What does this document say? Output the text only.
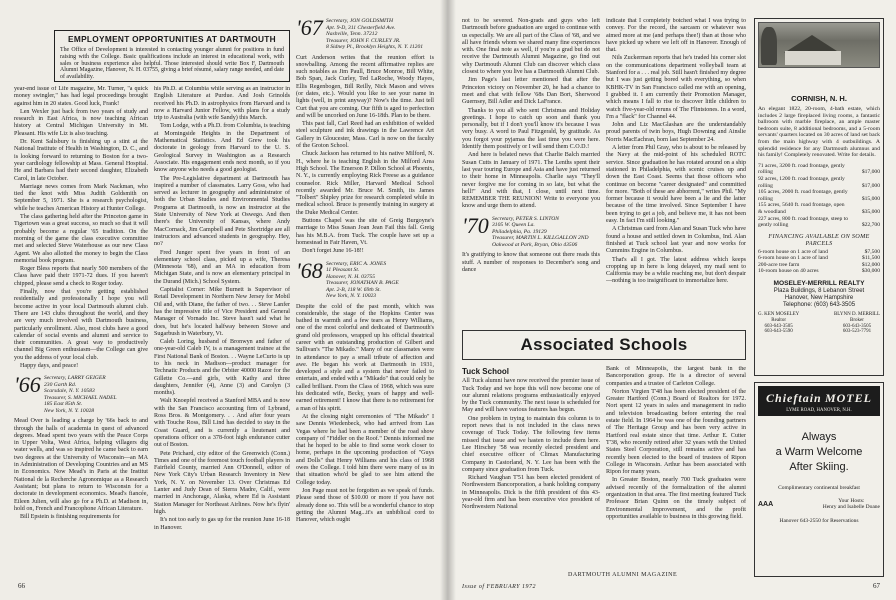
EMPLOYMENT OPPORTUNITIES AT DARTMOUTH
The Office of Development is interested in contacting younger alumni for positions in fund raising with the College. Basic qualifications include an interest in educational work, with sales or business experience also helpful. Those interested should write Box F, Dartmouth Alumni Magazine, Hanover, N. H. 03755, giving a brief résumé, salary range needed, and date of availability.

year-end issue of Life magazine, Mr. Turner, "a quick money swingler," has had legal proceedings brought against him in 20 states. Good luck, Frank!

Len Wexler just back from two years of study and research in East Africa, is now teaching African history at Central Michigan University in Mt. Pleasant. His wife Liz is also teaching.

Dr. Kent Salisbury is finishing up a stint at the National Institute of Health in Washington, D. C., and is looking forward to returning to Boston for a two-year cardiology fellowship at Mass. General Hospital. He and Barbara had their second daughter, Elizabeth Carol, in late October.

Marriage news comes from Mark Nackman, who tied the knot with Miss Judith Goldsmith on September 5, 1971. She is a research psychologist, while he teaches American History at Hunter College.

The class gathering held after the Princeton game in Tigertown was a great success, so much so that it will probably become a regular '65 tradition. On the morning of the game the class executive committee met and selected Steve Waterhouse as our new Class Agent. We also allotted the money to begin the Class memorial book program.

Roger Bless reports that nearly 500 members of the Class have paid their 1971-72 dues. If you haven't chipped, please send a check to Roger today.

Finally, now that you're getting established residentially and professionally I hope you will become active in your local Dartmouth alumni club. There are 143 clubs throughout the world, and they are very much involved with Dartmouth business, particularly enrollment. Also, most clubs have a good calendar of social events and alumni and service to their communities. A great way to productively channel Big Green enthusiasm—the College can give you the address of your local club.

Happy days, and peace!

'66 Secretary, LARRY GEIGER
230 Garth Rd.
Scarsdale, N. Y. 10583
Treasurer, S. MICHAEL NADEL
185 East 85th St.
New York, N. Y. 10028

Mead Over is leading a charge by '66s back to and through the halls of academia in quest of advanced degrees. Mead spent two years with the Peace Corps in Upper Volta, West Africa, helping villagers dig water wells, and was so inspired he came back to earn two degrees at the University of Wisconsin—an MA in Administration of Developing Countries and an MS in Economics. Now Mead's in Paris at the Institut National de la Recherche Agronomique as a Research Assistant; but plans to return to Wisconsin for a doctorate in development economics. Mead's fiancée, Eileen Julien, will also go for a Ph.D. at Madison in, hold on, French and Francophone African Literature.

Bill Epstein is finishing requirements for

his Ph.D. at Columbia while serving as an instructor in English Literature at Purdue. And Josh Grinolds received his Ph.D. in astrophysics from Harvard and is now a Harvard Junior Fellow, with plans for a study trip to Australia (with wife Sandy) this March.

Tom Lodge, with a Ph.D. from Columbia, is teaching at Morningside Heights in the Department of Mathematical Statistics. And Ed Grew took his doctorate in geology from Harvard to the U. S. Geological Survey in Washington as a Research Associate. His engagement ends next month, so if you know anyone who needs a good geologist.

The Pre-Legislative department at Dartmouth has inspired a number of classmates. Larry Goss, who had served as lecturer in geography and administrator of both the Urban Studies and Environmental Studies Programs at Dartmouth, is now an instructor at the State University of New York at Oswego. And then there's the University of Kansas, where Andy MacCornack, Jim Campbell and Pete Shortridge are all instructors and advanced students in geography. Hey, no?

Fred Junger spent five years in front of an elementary school class, picked up a wife, Theresa (Minnesota '68), and an MA in education from Michigan State, and is now an elementary principal in the Durand (Mich.) School System.

Capitalist Corner: Mike Burnett is Supervisor of Retail Development in Northern New Jersey for Mobil Oil and, with Diane, the father of two. . . Steve Lanfer has the impressive title of Vice President and General Manager of Vornado Inc. Steve hasn't said what he does, but he's located halfway between Stowe and Sugarbush in Waterbury, Vt.

Caleb Loring, husband of Bronwyn and father of one-year-old Caleb IV, is a management trainee at the First National Bank of Boston. . . Wayne LeCurto is up to his neck in Madison—product manager for Technatic Products and the Orbiter 40000 Razor for the Gillette Co.—and girls, with Kathy and three daughters, Jennifer (4), Anne (3) and Carolyn (3 months).

Walt Knoepfel received a Stanford MBA and is now with the San Francisco accounting firm of Lybrand, Ross Bros. & Montgomery. . . And after four years with Touche Ross, Bill Lind has decided to stay in the Coast Guard, and is currently a lieutenant and operations officer on a 378-foot high endurance cutter out of Boston.

Pete Prichard, city editor of the Greenwich (Conn.) Times and one of the foremost touch football players in Fairfield County, married Ann O'Donnell, editor of New York City's Urban Research Inventory in New York, N. Y. on November 13. Over Christmas Ed Lanter and Judy Dean of Sierra Madre, Calif., were married in Anchorage, Alaska, where Ed is Assistant Station Manager for Northeast Airlines. Now he's flyin' high.

It's not too early to gas up for the reunion June 16-18 in Hanover.

'67 Secretary, JON GOLDSMITH
Apt. 9-D, 311 Chesterfield Ave.
Nashville, Tenn. 37212
Treasurer, JOHN F. CURLEY JR.
8 Sidney Pl., Brooklyn Heights, N. Y. 11201

Curt Anderson writes that the reunion effort is snowballing. Among the recent affirmative replies are such notables as Jim Paull, Bruce Monroe, Bill White, Bob Span, Jack Curley, Ted LaRoche, Woody Hayes, Ellis Regenbogen, Bill Reilly, Nick Mason and wives (or dates, etc.). Would you like to see your name in lights (well, in print anyway)? Now's the time. Just tell Curt that you are coming. Our fifth is aged to perfection and will be uncorked on June 16-18th. Plan to be there.

This past fall, Carl Reed had an exhibition of welded steel sculpture and ink drawings in the Lawrence Art Gallery in Gloucester, Mass. Carl is now on the faculty of the Groton School.

Chuck Jackson has returned to his native Milford, N. H., where he is teaching English in the Milford Area High School. The Emerson P. Dillon School at Phoenix, N. Y., is currently employing Rick Freese as a guidance counselor. Rick Miller, Harvard Medical School recently awarded Mr. Bruce M. Smith, its James "Tolbert" Shipley prize for research completed while in medical school. Bruce is presently training in surgery at the Duke Medical Center.

Buttons Chapel was the site of Greig Burgoyne's marriage to Miss Susan Joan Jean Fail this fall. Greig has his M.B.A. from Tuck. The couple have set up a homestead in Fair Haven, Vt.

Don't forget June 16-18!!

'68 Secretary, ERIC A. JONES
11 Pleasant St.
Hanover, N. H. 03755
Treasurer, JONATHAN B. PAGE
Apt. 2-B, 118 W. 69th St.
New York, N. Y. 10023

Despite the cold of the past month, which was considerable, the stage of the Hopkins Center was bathed in warmth and a few tears as Henry Williams, one of the most colorful and dedicated of Dartmouth's grand old professors, wrapped up his official theatrical career with an outstanding production of Gilbert and Sullivan's "The Mikado." Many of our classmates were in attendance to pay a small tribute of affection and awe. He began his work at Dartmouth in 1931, developed a style and a system that never failed to entertain, and ended with a "Mikado" that could only be called brilliant. From the Class of 1968, which was sure his dedicated wife, Becky, years of happy and well-earned retirement! I know that there is no retirement for a man of his spirit.

At the closing night ceremonies of "The Mikado" I saw Dennis Wiedenbeck, who had arrived from Las Vegas where he had been a member of the road show company of "Fiddler on the Roof." Dennis informed me that he hoped to be able to find some work closer to home, perhaps in the upcoming production of "Guys and Dolls" that Henry Williams and his class of 1968 owes the College. I told him there were many of us in that situation who'd be glad to see him attend the College today.

Jon Page must not be forgotten as we speak of funds. Please send those of $10.00 or more if you have not already done so. This will be a wonderful chance to stop getting the Alumni Mag...it's an unbiblical cord to Hanover, which ought

66

not to be severed. Non-grads and guys who left Dartmouth before graduation are urged to continue with us especially. We are all part of the Class of '68, and we all have friends whom we shared many fine experiences with. One final note as well, if you're a grad but do not receive the Dartmouth Alumni Magazine, go find out why Dartmouth Alumni Club can discover which class closest to where you live has a Dartmouth Alumni Club.

Jim Page's last letter mentioned that after the Princeton victory on November 20, he had a chance to meet and chat with fellow '68s Dan Bort, Sherwood Guernsey, Bill Adler and Dick LaFrance.

Thanks to you all who sent Christmas and Holiday greetings. I hope to catch up soon and thank you personally, but if I don't you'll know it's because I was very busy. A word to Paul Fitzgerald, by gratitude. As you forgot your pyjamas the last time you were here. Identify them positively or I will send them C.O.D.!

And here is belated news that Charlie Balch married Susan Cutts in January of 1971. The Lenths spent their last year touring Europe and Asia and have just returned to their home in Minneapolis. Charlie says "They'll never forgive me for coming in so late, but what the hell!" And with that, I close, until next time. REMEMBER THE REUNION! Write to everyone you know and urge them to attend.

'70 Secretary, PETER S. LINTON
3105 W. Queen La.
Philadelphia, Pa. 19129
Treasurer, MARTIN L. KILLGALLON 2ND
Oakwood at Park, Bryan, Ohio 43506

It's gratifying to know that someone out there reads this stuff. A number of responses to December's song and dance

indicate that I completely botched what I was trying to convey. For the record, the sarcasm or whatever was aimed more at me (and perhaps thee!) than at those who have picked up where we left off in Hanover. Enough of that.

Nils Zuckerman reports that he's traded his corner slot on the communications department volleyball team at Stanford for a . . . real job. Still hasn't finished my degree but I was just getting bored with everything, so when KBHK-TV in San Francisco called me with an opening, I grabbed it. I am currently their Promotion Manager, which means I fall to rise to discover little children to watch five-year-old reruns of The Flintstones. In a word, I'm a "flack" for Channel 44.

John and Liz MacGlashan are the understandably proud parents of twin boys, Hugh Downing and Ainslie Norris MacEachran, born last September 24.

A letter from Phil Gray, who is about to be released by the Navy at the mid-point of his scheduled ROTC service. Since graduation he has rotated around on a ship stationed in Philadelphia, with scenic cruises up and down the East Coast. Seems that those officers who continue on become "career designated" and committed for more. "Both of these are abhorrent," writes Phil. "My former because it would have been a lie and the latter because of the time involved. Since September I have been trying to get a job, and believe me, it has not been easy. In fact I'm still looking."

A Christmas card from Alan and Susan Tuck who have found a house and settled down in Columbus, Ind. Alan finished at Tuck school last year and now works for Cummins Engine in Columbus.

That's all I got. The latest address which keeps cropping up in here is long delayed, my mail sent to California may be a while reaching me, but don't despair—nothing is too insignificant to immortalize here.

Associated Schools
Tuck School

All Tuck alumni have now received the premier issue of Tuck Today and we hope this will now become one of our alumni relations programs enthusiastically enjoyed by the Tuck community. The next issue is scheduled for May and will have various features has begun.

One problem in trying to maintain this column is to report news that is not included in the class news coverage of Tuck Today. The following few items missed that issue and we hasten to include them here. Lee Hirschey '58 was recently elected president and chief executive officer of Climax Manufacturing Company in Castorland, N. Y. Lee has been with the company since graduation from Tuck.

Richard Vaughan T'51 has been elected president of Northwestern Bancorporation, a bank holding company in Minneapolis. Dick is the fifth president of this 43-year-old firm and has been executive vice president of Northwestern National

Bank of Minneapolis, the largest bank in the Bancorporation group. He is a director of several companies and a trustee of Carleton College.

Norton Virgien T'48 has been elected president of the Greater Hartford (Conn.) Board of Realtors for 1972. Nort spent 12 years in sales and management in radio and television broadcasting before entering the real estate field. In 1964 he was one of the founding partners of The Heritage Group and has been very active in Hartford real estate since that time. Arthur E. Cutter T'38, who recently retired after 32 years with the United States Steel Corporation, still remains active and has recently been elected to the board of trustees of Ripon College in Wisconsin. Arthur has been associated with Ripon for many years.

In Greater Boston, nearly 700 Tuck graduates were advised recently of the formalization of the alumni organization in that area. The first meeting featured Tuck Professor Brian Quinn on the timely subject of Environmental Improvement, and the profit opportunities available to business in this growing field.

CORNISH, N. H.
An elegant 1822, 20-room, 4-bath estate, which includes 2 large fireplaced living rooms, a fantastic ballroom with marble fireplace, an ample master bedroom suite, 8 additional bedrooms, and a 5-room servants' quarters located on 30 acres of land set back from the main highway with 4 outbuildings. A splendid residence for any Dartmouth alumnus and his family! Completely renovated. Write for details.
71 acres, 3200 ft. road frontage, gently rolling	$17,000
92 acres, 1200 ft. road frontage, gently rolling	$17,000
105 acres, 2000 ft. road frontage, gently rolling	$15,000
155 acres, 5640 ft. road frontage, open & woodland	$35,000
227 acres, 800 ft. road frontage, steep to gently rolling	$22,700
FINANCING AVAILABLE ON SOME PARCELS
6-room house on 1 acre of land	$7,500
6-room house on 1 acre of land	$11,500
200-acre tree farm	$12,000
10-room house on 40 acres	$30,000
MOSELEY-MERRILL REALTY
Plaza Buildings, 8 Lebanon Street
Hanover, New Hampshire
Telephone: (603) 643-3505
G. KEN MOSELEY
Realtor
603-643-3505
603-643-5590
BLYNN D. MERRILL
Broker
603-643-3505
603-523-7791
Chieftain MOTEL
LYME ROAD, HANOVER, N.H.
Always
a Warm Welcome
After Skiing.
Complimentary continental breakfast
AAA	Your Hosts:
Henry and Isabelle Doane
Hanover 643-2550 for Reservations
DARTMOUTH ALUMNI MAGAZINE
Issue of FEBRUARY 1972	67
